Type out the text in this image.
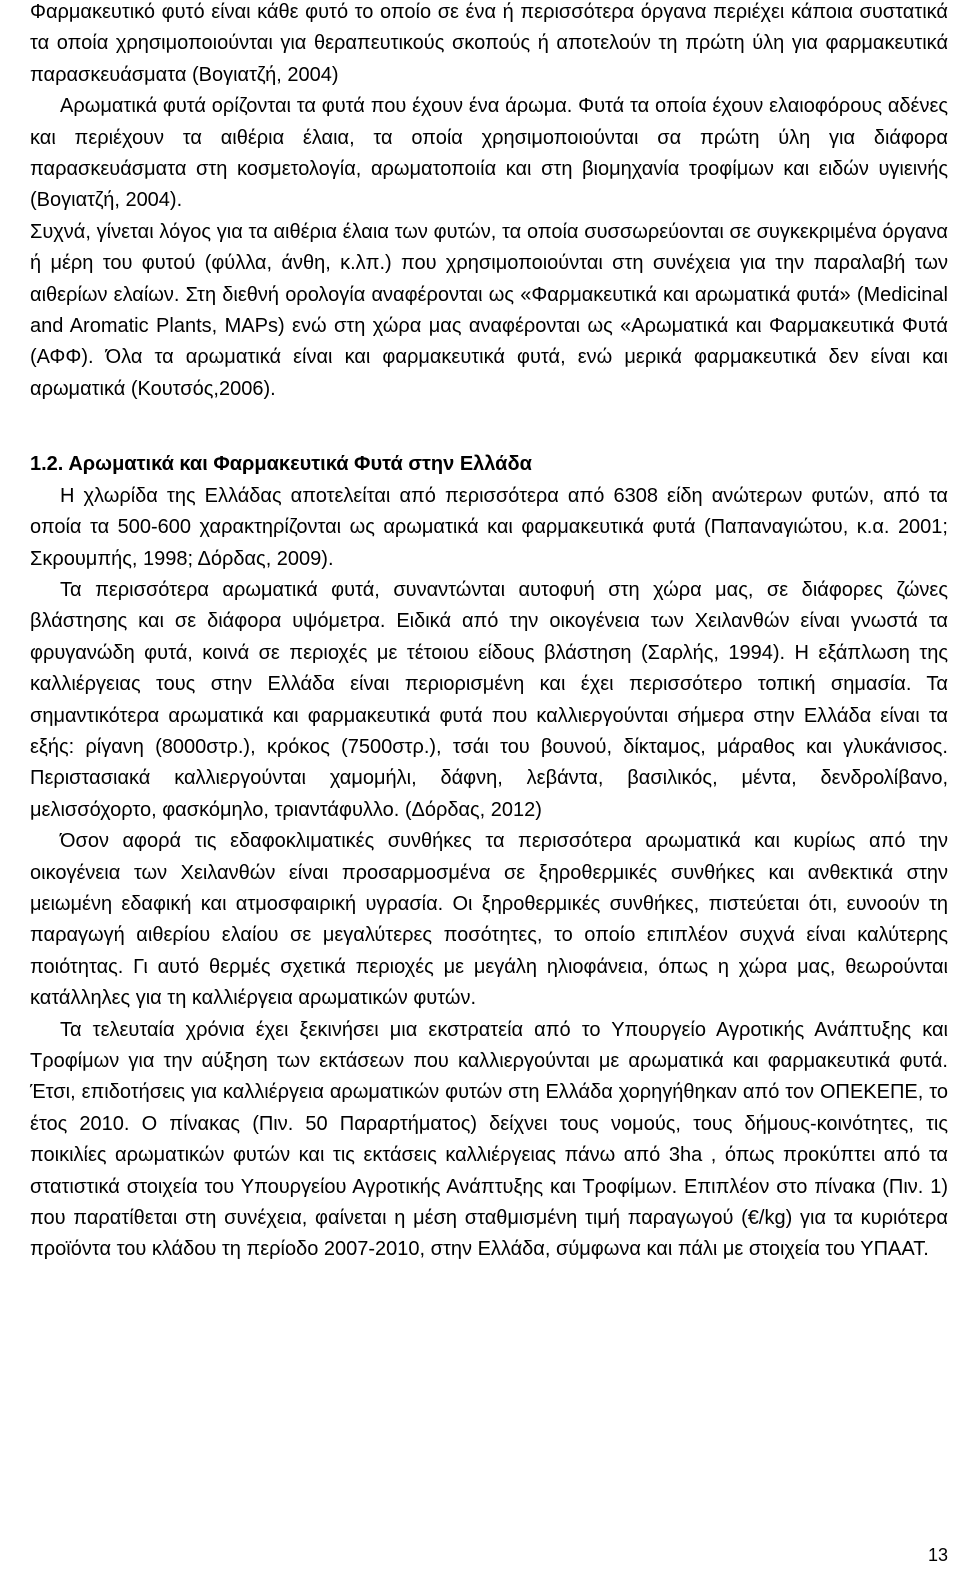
Φαρμακευτικό φυτό είναι κάθε φυτό το οποίο σε ένα ή περισσότερα όργανα περιέχει κάποια συστατικά τα οποία χρησιμοποιούνται για θεραπευτικούς σκοπούς ή αποτελούν τη πρώτη ύλη για φαρμακευτικά παρασκευάσματα (Βογιατζή, 2004)

Αρωματικά φυτά ορίζονται τα φυτά που έχουν ένα άρωμα. Φυτά τα οποία έχουν ελαιοφόρους αδένες και περιέχουν τα αιθέρια έλαια, τα οποία χρησιμοποιούνται σα πρώτη ύλη για διάφορα παρασκευάσματα στη κοσμετολογία, αρωματοποιία και στη βιομηχανία τροφίμων και ειδών υγιεινής (Βογιατζή, 2004).

Συχνά, γίνεται λόγος για τα αιθέρια έλαια των φυτών, τα οποία συσσωρεύονται σε συγκεκριμένα όργανα ή μέρη του φυτού (φύλλα, άνθη, κ.λπ.) που χρησιμοποιούνται στη συνέχεια για την παραλαβή των αιθερίων ελαίων. Στη διεθνή ορολογία αναφέρονται ως «Φαρμακευτικά και αρωματικά φυτά» (Medicinal and Aromatic Plants, MAPs) ενώ στη χώρα μας αναφέρονται ως «Αρωματικά και Φαρμακευτικά Φυτά (ΑΦΦ). Όλα τα αρωματικά είναι και φαρμακευτικά φυτά, ενώ μερικά φαρμακευτικά δεν είναι και αρωματικά (Κουτσός,2006).

1.2. Αρωματικά και Φαρμακευτικά Φυτά στην Ελλάδα

Η χλωρίδα της Ελλάδας αποτελείται από περισσότερα από 6308 είδη ανώτερων φυτών, από τα οποία τα 500-600 χαρακτηρίζονται ως αρωματικά και φαρμακευτικά φυτά (Παπαναγιώτου, κ.α. 2001; Σκρουμπής, 1998; Δόρδας, 2009).

Τα περισσότερα αρωματικά φυτά, συναντώνται αυτοφυή στη χώρα μας, σε διάφορες ζώνες βλάστησης και σε διάφορα υψόμετρα. Ειδικά από την οικογένεια των Χειλανθών είναι γνωστά τα φρυγανώδη φυτά, κοινά σε περιοχές με τέτοιου είδους βλάστηση (Σαρλής, 1994). Η εξάπλωση της καλλιέργειας τους στην Ελλάδα είναι περιορισμένη και έχει περισσότερο τοπική σημασία. Τα σημαντικότερα αρωματικά και φαρμακευτικά φυτά που καλλιεργούνται σήμερα στην Ελλάδα είναι τα εξής: ρίγανη (8000στρ.), κρόκος (7500στρ.), τσάι του βουνού, δίκταμος, μάραθος και γλυκάνισος. Περιστασιακά καλλιεργούνται χαμομήλι, δάφνη, λεβάντα, βασιλικός, μέντα, δενδρολίβανο, μελισσόχορτο, φασκόμηλο, τριαντάφυλλο. (Δόρδας, 2012)

Όσον αφορά τις εδαφοκλιματικές συνθήκες τα περισσότερα αρωματικά και κυρίως από την οικογένεια των Χειλανθών είναι προσαρμοσμένα σε ξηροθερμικές συνθήκες και ανθεκτικά στην μειωμένη εδαφική και ατμοσφαιρική υγρασία. Οι ξηροθερμικές συνθήκες, πιστεύεται ότι, ευνοούν τη παραγωγή αιθερίου ελαίου σε μεγαλύτερες ποσότητες, το οποίο επιπλέον συχνά είναι καλύτερης ποιότητας. Γι αυτό θερμές σχετικά περιοχές με μεγάλη ηλιοφάνεια, όπως η χώρα μας, θεωρούνται κατάλληλες για τη καλλιέργεια αρωματικών φυτών.

Τα τελευταία χρόνια έχει ξεκινήσει μια εκστρατεία από το Υπουργείο Αγροτικής Ανάπτυξης και Τροφίμων για την αύξηση των εκτάσεων που καλλιεργούνται με αρωματικά και φαρμακευτικά φυτά. Έτσι, επιδοτήσεις για καλλιέργεια αρωματικών φυτών στη Ελλάδα χορηγήθηκαν από τον ΟΠΕΚΕΠΕ, το έτος 2010. Ο πίνακας (Πιν. 50 Παραρτήματος) δείχνει τους νομούς, τους δήμους-κοινότητες, τις ποικιλίες αρωματικών φυτών και τις εκτάσεις καλλιέργειας πάνω από 3ha , όπως προκύπτει από τα στατιστικά στοιχεία του Υπουργείου Αγροτικής Ανάπτυξης και Τροφίμων. Επιπλέον στο πίνακα (Πιν. 1) που παρατίθεται στη συνέχεια, φαίνεται η μέση σταθμισμένη τιμή παραγωγού (€/kg) για τα κυριότερα προϊόντα του κλάδου τη περίοδο 2007-2010, στην Ελλάδα, σύμφωνα και πάλι με στοιχεία του ΥΠΑΑΤ.

13
